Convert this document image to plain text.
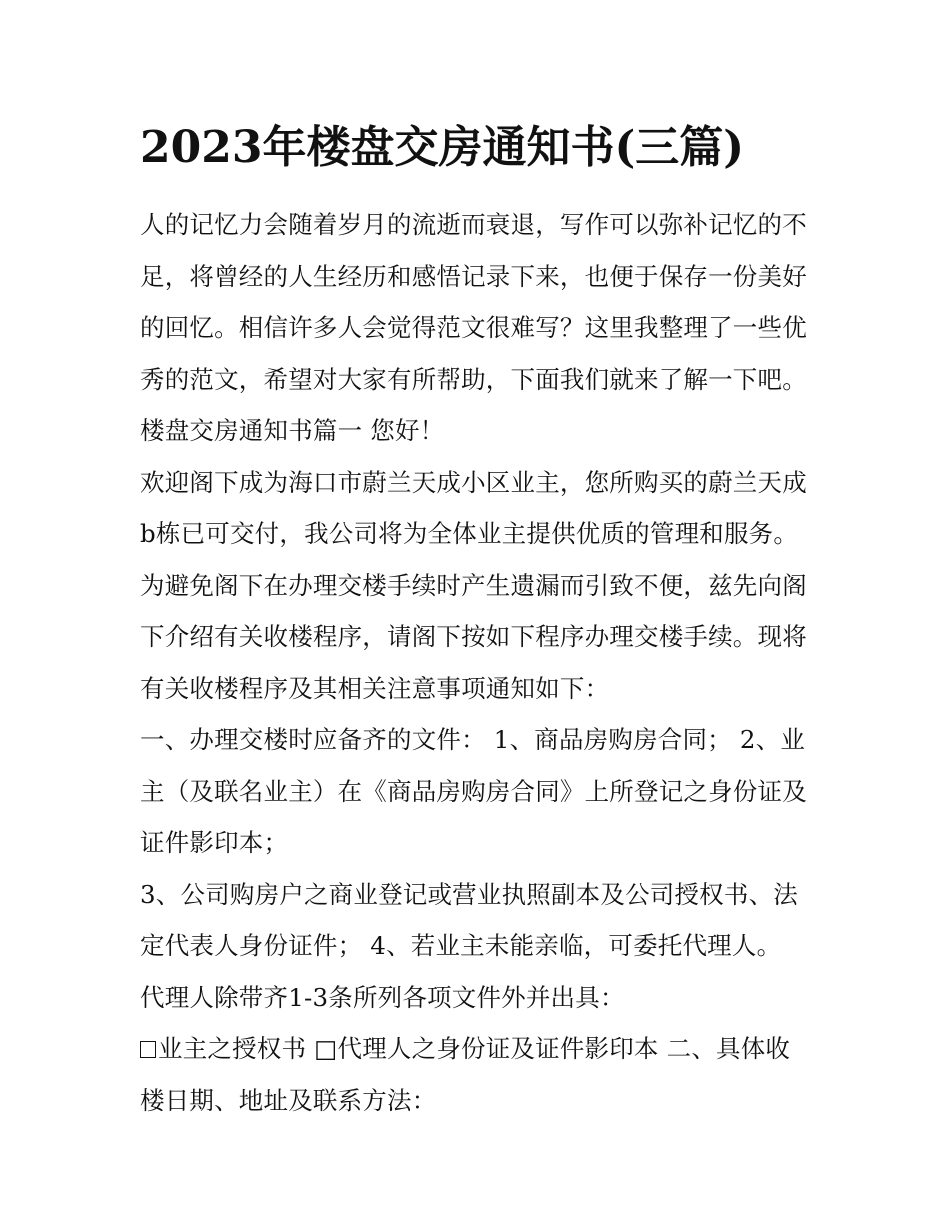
2023年楼盘交房通知书(三篇)
人的记忆力会随着岁月的流逝而衰退，写作可以弥补记忆的不
足，将曾经的人生经历和感悟记录下来，也便于保存一份美好
的回忆。相信许多人会觉得范文很难写？这里我整理了一些优
秀的范文，希望对大家有所帮助，下面我们就来了解一下吧。
楼盘交房通知书篇一 您好！
欢迎阁下成为海口市蔚兰天成小区业主，您所购买的蔚兰天成
b栋已可交付，我公司将为全体业主提供优质的管理和服务。
为避免阁下在办理交楼手续时产生遗漏而引致不便，兹先向阁
下介绍有关收楼程序，请阁下按如下程序办理交楼手续。现将
有关收楼程序及其相关注意事项通知如下：
一、办理交楼时应备齐的文件： 1、商品房购房合同； 2、业
主（及联名业主）在《商品房购房合同》上所登记之身份证及
证件影印本；
3、公司购房户之商业登记或营业执照副本及公司授权书、法
定代表人身份证件； 4、若业主未能亲临，可委托代理人。
代理人除带齐1-3条所列各项文件外并出具：
业主之授权书 □代理人之身份证及证件影印本 二、具体收
楼日期、地址及联系方法：
